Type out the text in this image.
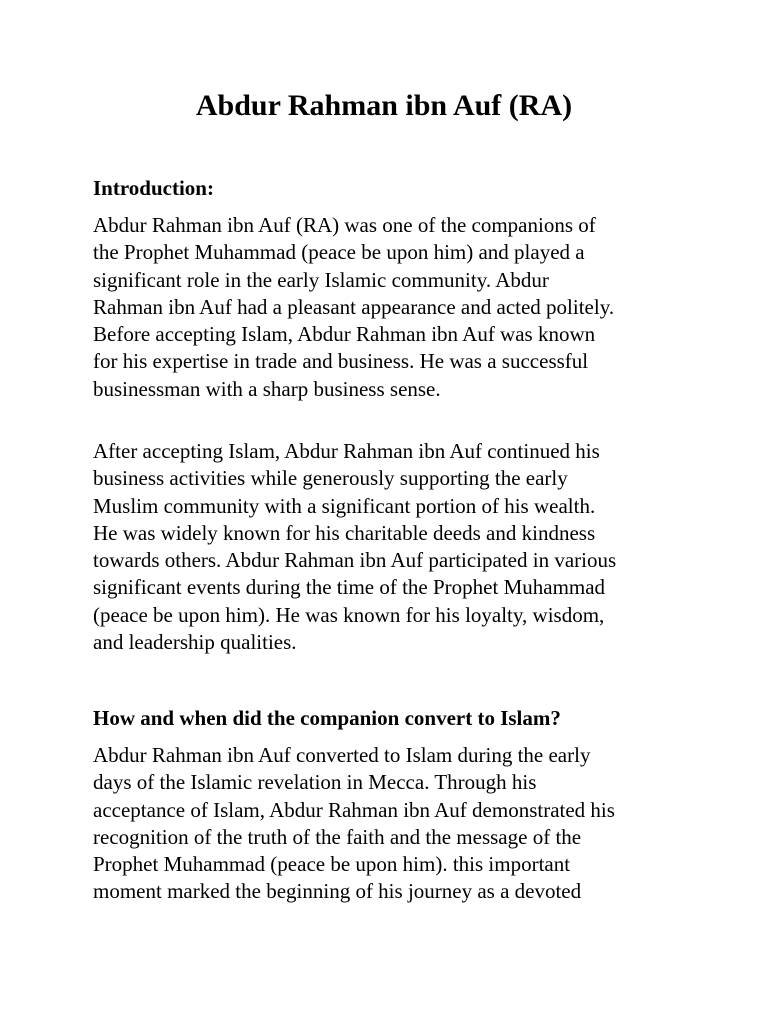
Abdur Rahman ibn Auf (RA)
Introduction:

Abdur Rahman ibn Auf (RA) was one of the companions of
the Prophet Muhammad (peace be upon him) and played a
significant role in the early Islamic community. Abdur
Rahman ibn Auf had a pleasant appearance and acted politely.
Before accepting Islam, Abdur Rahman ibn Auf was known
for his expertise in trade and business. He was a successful
businessman with a sharp business sense.

After accepting Islam, Abdur Rahman ibn Auf continued his
business activities while generously supporting the early
Muslim community with a significant portion of his wealth.
He was widely known for his charitable deeds and kindness
towards others. Abdur Rahman ibn Auf participated in various
significant events during the time of the Prophet Muhammad
(peace be upon him). He was known for his loyalty, wisdom,
and leadership qualities.

How and when did the companion convert to Islam?

Abdur Rahman ibn Auf converted to Islam during the early
days of the Islamic revelation in Mecca. Through his
acceptance of Islam, Abdur Rahman ibn Auf demonstrated his
recognition of the truth of the faith and the message of the
Prophet Muhammad (peace be upon him). this important
moment marked the beginning of his journey as a devoted
